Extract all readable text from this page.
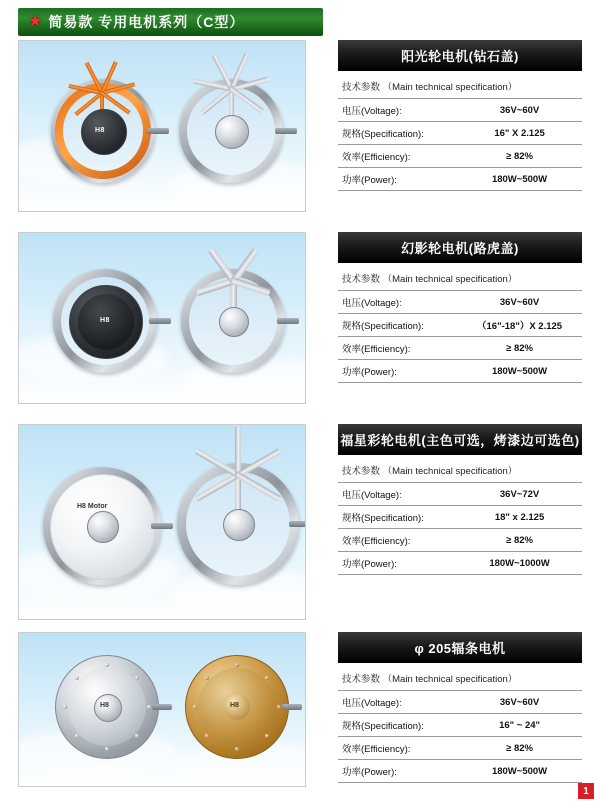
★ 简易款 专用电机系列（C型）
H8
阳光轮电机(钻石盖)
技术参数 （Main technical specification）
电压(Voltage):	36V~60V
规格(Specification):	16" X 2.125
效率(Efficiency):	≥ 82%
功率(Power):	180W~500W
H8
幻影轮电机(路虎盖)
技术参数 （Main technical specification）
电压(Voltage):	36V~60V
规格(Specification):	（16"-18"）X 2.125
效率(Efficiency):	≥ 82%
功率(Power):	180W~500W
H8 Motor
福星彩轮电机(主色可选，烤漆边可选色)
技术参数 （Main technical specification）
电压(Voltage):	36V~72V
规格(Specification):	18" x 2.125
效率(Efficiency):	≥ 82%
功率(Power):	180W~1000W
H8	H8
φ 205辐条电机
技术参数 （Main technical specification）
电压(Voltage):	36V~60V
规格(Specification):	16" ~ 24"
效率(Efficiency):	≥ 82%
功率(Power):	180W~500W
1
